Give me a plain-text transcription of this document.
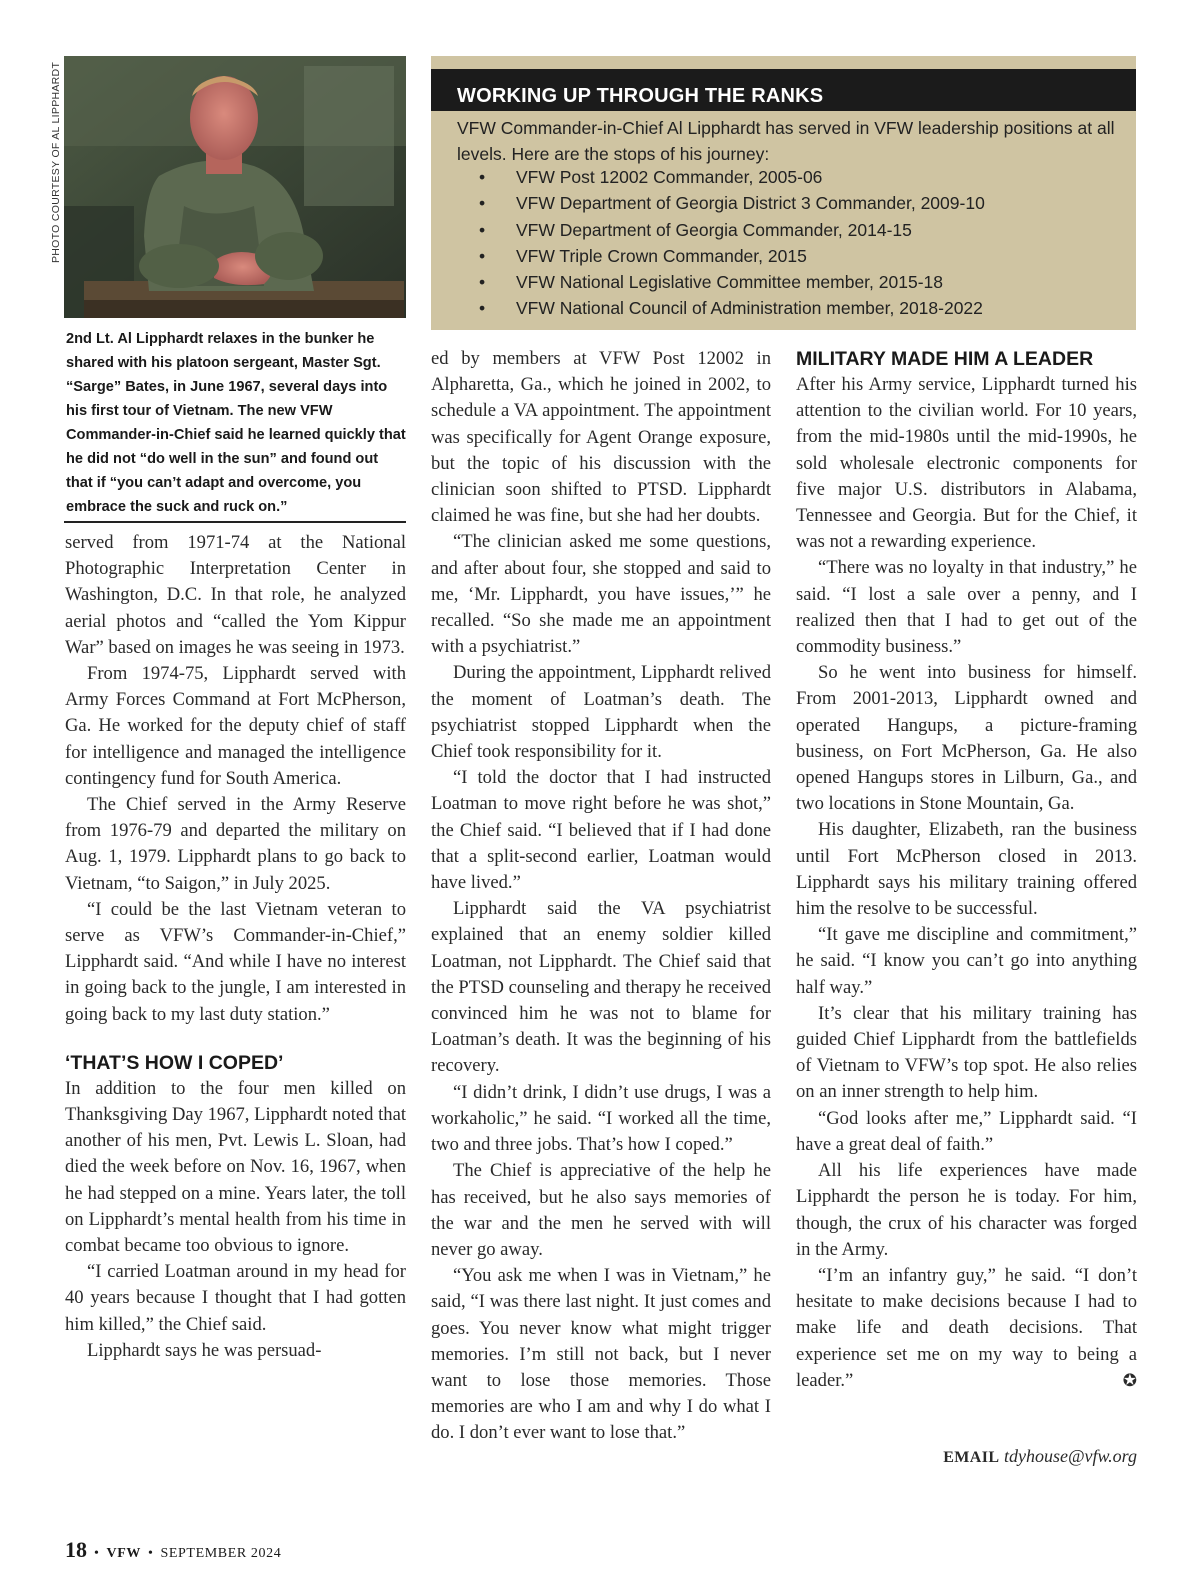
PHOTO COURTESY OF AL LIPPHARDT
2nd Lt. Al Lipphardt relaxes in the bunker he shared with his platoon sergeant, Master Sgt. “Sarge” Bates, in June 1967, several days into his first tour of Vietnam. The new VFW Commander-in-Chief said he learned quickly that he did not “do well in the sun” and found out that if “you can’t adapt and overcome, you embrace the suck and ruck on.”
WORKING UP THROUGH THE RANKS
VFW Commander-in-Chief Al Lipphardt has served in VFW leadership positions at all levels. Here are the stops of his journey:
• VFW Post 12002 Commander, 2005-06
• VFW Department of Georgia District 3 Commander, 2009-10
• VFW Department of Georgia Commander, 2014-15
• VFW Triple Crown Commander, 2015
• VFW National Legislative Committee member, 2015-18
• VFW National Council of Administration member, 2018-2022

served from 1971-74 at the National Photographic Interpretation Center in Washington, D.C. In that role, he analyzed aerial photos and “called the Yom Kippur War” based on images he was seeing in 1973.

From 1974-75, Lipphardt served with Army Forces Command at Fort McPherson, Ga. He worked for the deputy chief of staff for intelligence and managed the intelligence contingency fund for South America.

The Chief served in the Army Reserve from 1976-79 and departed the military on Aug. 1, 1979. Lipphardt plans to go back to Vietnam, “to Saigon,” in July 2025.

“I could be the last Vietnam veteran to serve as VFW’s Commander-in-Chief,” Lipphardt said. “And while I have no interest in going back to the jungle, I am interested in going back to my last duty station.”

‘THAT’S HOW I COPED’

In addition to the four men killed on Thanksgiving Day 1967, Lipphardt noted that another of his men, Pvt. Lewis L. Sloan, had died the week before on Nov. 16, 1967, when he had stepped on a mine. Years later, the toll on Lipphardt’s mental health from his time in combat became too obvious to ignore.

“I carried Loatman around in my head for 40 years because I thought that I had gotten him killed,” the Chief said.

Lipphardt says he was persuad-

ed by members at VFW Post 12002 in Alpharetta, Ga., which he joined in 2002, to schedule a VA appointment. The appointment was specifically for Agent Orange exposure, but the topic of his discussion with the clinician soon shifted to PTSD. Lipphardt claimed he was fine, but she had her doubts.

“The clinician asked me some questions, and after about four, she stopped and said to me, ‘Mr. Lipphardt, you have issues,’” he recalled. “So she made me an appointment with a psychiatrist.”

During the appointment, Lipphardt relived the moment of Loatman’s death. The psychiatrist stopped Lipphardt when the Chief took responsibility for it.

“I told the doctor that I had instructed Loatman to move right before he was shot,” the Chief said. “I believed that if I had done that a split-second earlier, Loatman would have lived.”

Lipphardt said the VA psychiatrist explained that an enemy soldier killed Loatman, not Lipphardt. The Chief said that the PTSD counseling and therapy he received convinced him he was not to blame for Loatman’s death. It was the beginning of his recovery.

“I didn’t drink, I didn’t use drugs, I was a workaholic,” he said. “I worked all the time, two and three jobs. That’s how I coped.”

The Chief is appreciative of the help he has received, but he also says memories of the war and the men he served with will never go away.

“You ask me when I was in Vietnam,” he said, “I was there last night. It just comes and goes. You never know what might trigger memories. I’m still not back, but I never want to lose those memories. Those memories are who I am and why I do what I do. I don’t ever want to lose that.”

MILITARY MADE HIM A LEADER

After his Army service, Lipphardt turned his attention to the civilian world. For 10 years, from the mid-1980s until the mid-1990s, he sold wholesale electronic components for five major U.S. distributors in Alabama, Tennessee and Georgia. But for the Chief, it was not a rewarding experience.

“There was no loyalty in that industry,” he said. “I lost a sale over a penny, and I realized then that I had to get out of the commodity business.”

So he went into business for himself. From 2001-2013, Lipphardt owned and operated Hangups, a picture-framing business, on Fort McPherson, Ga. He also opened Hangups stores in Lilburn, Ga., and two locations in Stone Mountain, Ga.

His daughter, Elizabeth, ran the business until Fort McPherson closed in 2013. Lipphardt says his military training offered him the resolve to be successful.

“It gave me discipline and commitment,” he said. “I know you can’t go into anything half way.”

It’s clear that his military training has guided Chief Lipphardt from the battlefields of Vietnam to VFW’s top spot. He also relies on an inner strength to help him.

“God looks after me,” Lipphardt said. “I have a great deal of faith.”

All his life experiences have made Lipphardt the person he is today. For him, though, the crux of his character was forged in the Army.

“I’m an infantry guy,” he said. “I don’t hesitate to make decisions because I had to make life and death decisions. That experience set me on my way to being a leader.”	✪

EMAIL tdyhouse@vfw.org
18 • VFW • SEPTEMBER 2024
